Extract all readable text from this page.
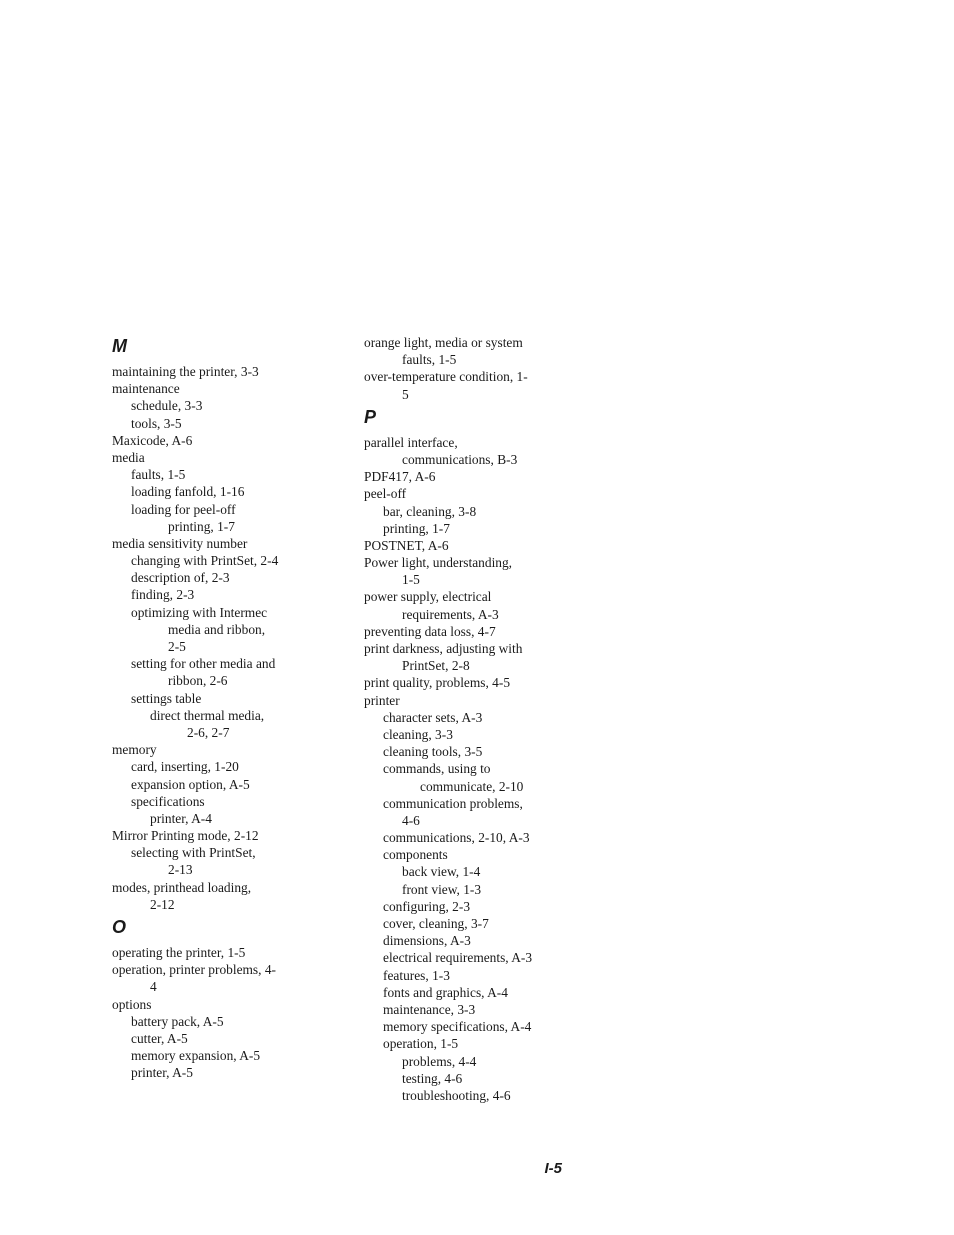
M
maintaining the printer, 3-3
maintenance
schedule, 3-3
tools, 3-5
Maxicode, A-6
media
faults, 1-5
loading fanfold, 1-16
loading for peel-off
printing, 1-7
media sensitivity number
changing with PrintSet, 2-4
description of, 2-3
finding, 2-3
optimizing with Intermec
media and ribbon,
2-5
setting for other media and
ribbon, 2-6
settings table
direct thermal media,
2-6, 2-7
memory
card, inserting, 1-20
expansion option, A-5
specifications
printer, A-4
Mirror Printing mode, 2-12
selecting with PrintSet,
2-13
modes, printhead loading,
2-12
O
operating the printer, 1-5
operation, printer problems, 4-
4
options
battery pack, A-5
cutter, A-5
memory expansion, A-5
printer, A-5
orange light, media or system
faults, 1-5
over-temperature condition, 1-
5
P
parallel interface,
communications, B-3
PDF417, A-6
peel-off
bar, cleaning, 3-8
printing, 1-7
POSTNET, A-6
Power light, understanding,
1-5
power supply, electrical
requirements, A-3
preventing data loss, 4-7
print darkness, adjusting with
PrintSet, 2-8
print quality, problems, 4-5
printer
character sets, A-3
cleaning, 3-3
cleaning tools, 3-5
commands, using to
communicate, 2-10
communication problems,
4-6
communications, 2-10, A-3
components
back view, 1-4
front view, 1-3
configuring, 2-3
cover, cleaning, 3-7
dimensions, A-3
electrical requirements, A-3
features, 1-3
fonts and graphics, A-4
maintenance, 3-3
memory specifications, A-4
operation, 1-5
problems, 4-4
testing, 4-6
troubleshooting, 4-6
I-5
